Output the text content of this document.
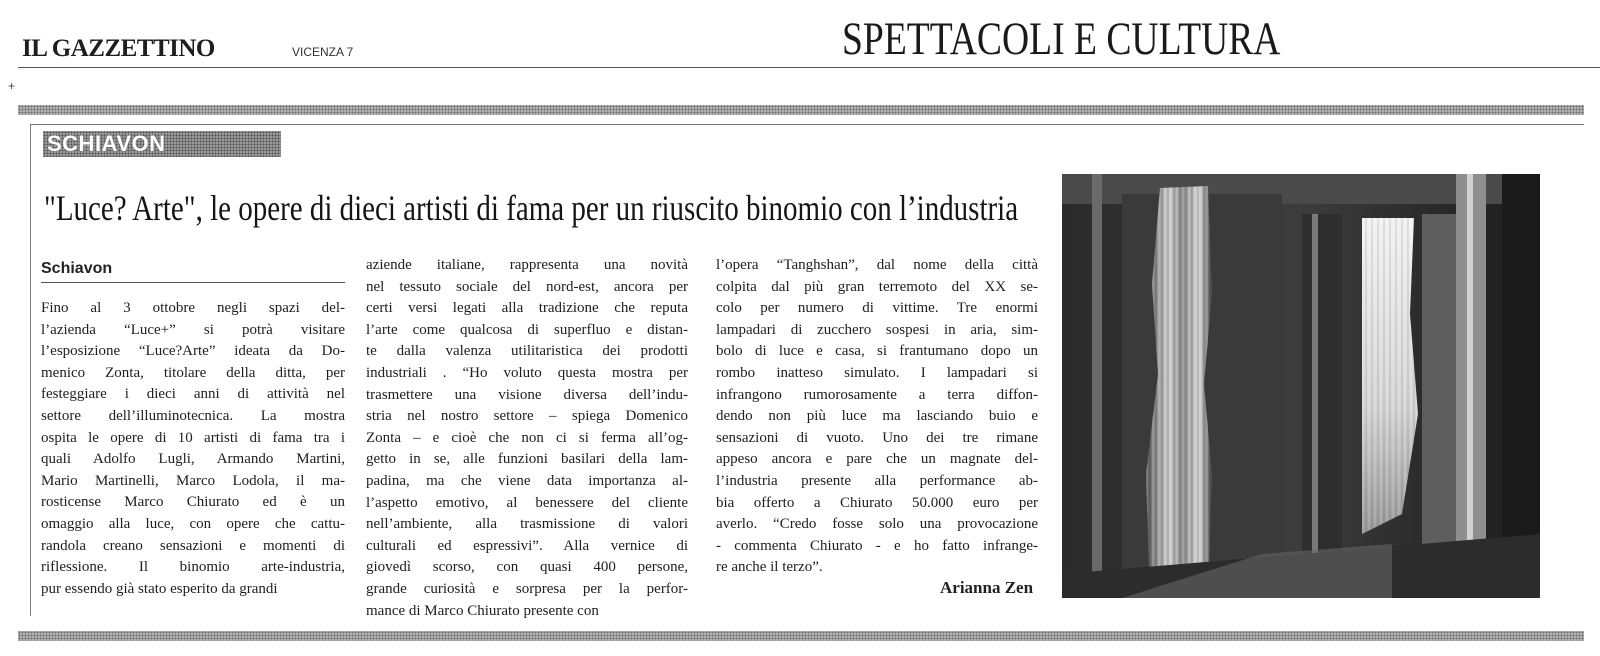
IL GAZZETTINO	VICENZA 7	SPETTACOLI E CULTURA
+
SCHIAVON
"Luce? Arte", le opere di dieci artisti di fama per un riuscito binomio con l’industria
Schiavon
Fino al 3 ottobre negli spazi del-
l’azienda “Luce+” si potrà visitare
l’esposizione “Luce?Arte” ideata da Do-
menico Zonta, titolare della ditta, per
festeggiare i dieci anni di attività nel
settore dell’illuminotecnica. La mostra
ospita le opere di 10 artisti di fama tra i
quali Adolfo Lugli, Armando Martini,
Mario Martinelli, Marco Lodola, il ma-
rosticense Marco Chiurato ed è un
omaggio alla luce, con opere che cattu-
randola creano sensazioni e momenti di
riflessione. Il binomio arte-industria,
pur essendo già stato esperito da grandi
aziende italiane, rappresenta una novità
nel tessuto sociale del nord-est, ancora per
certi versi legati alla tradizione che reputa
l’arte come qualcosa di superfluo e distan-
te dalla valenza utilitaristica dei prodotti
industriali . “Ho voluto questa mostra per
trasmettere una visione diversa dell’indu-
stria nel nostro settore – spiega Domenico
Zonta – e cioè che non ci si ferma all’og-
getto in se, alle funzioni basilari della lam-
padina, ma che viene data importanza al-
l’aspetto emotivo, al benessere del cliente
nell’ambiente, alla trasmissione di valori
culturali ed espressivi”. Alla vernice di
giovedì scorso, con quasi 400 persone,
grande curiosità e sorpresa per la perfor-
mance di Marco Chiurato presente con
l’opera “Tanghshan”, dal nome della città
colpita dal più gran terremoto del XX se-
colo per numero di vittime. Tre enormi
lampadari di zucchero sospesi in aria, sim-
bolo di luce e casa, si frantumano dopo un
rombo inatteso simulato. I lampadari si
infrangono rumorosamente a terra diffon-
dendo non più luce ma lasciando buio e
sensazioni di vuoto. Uno dei tre rimane
appeso ancora e pare che un magnate del-
l’industria presente alla performance ab-
bia offerto a Chiurato 50.000 euro per
averlo. “Credo fosse solo una provocazione
- commenta Chiurato - e ho fatto infrange-
re anche il terzo”.
Arianna Zen
